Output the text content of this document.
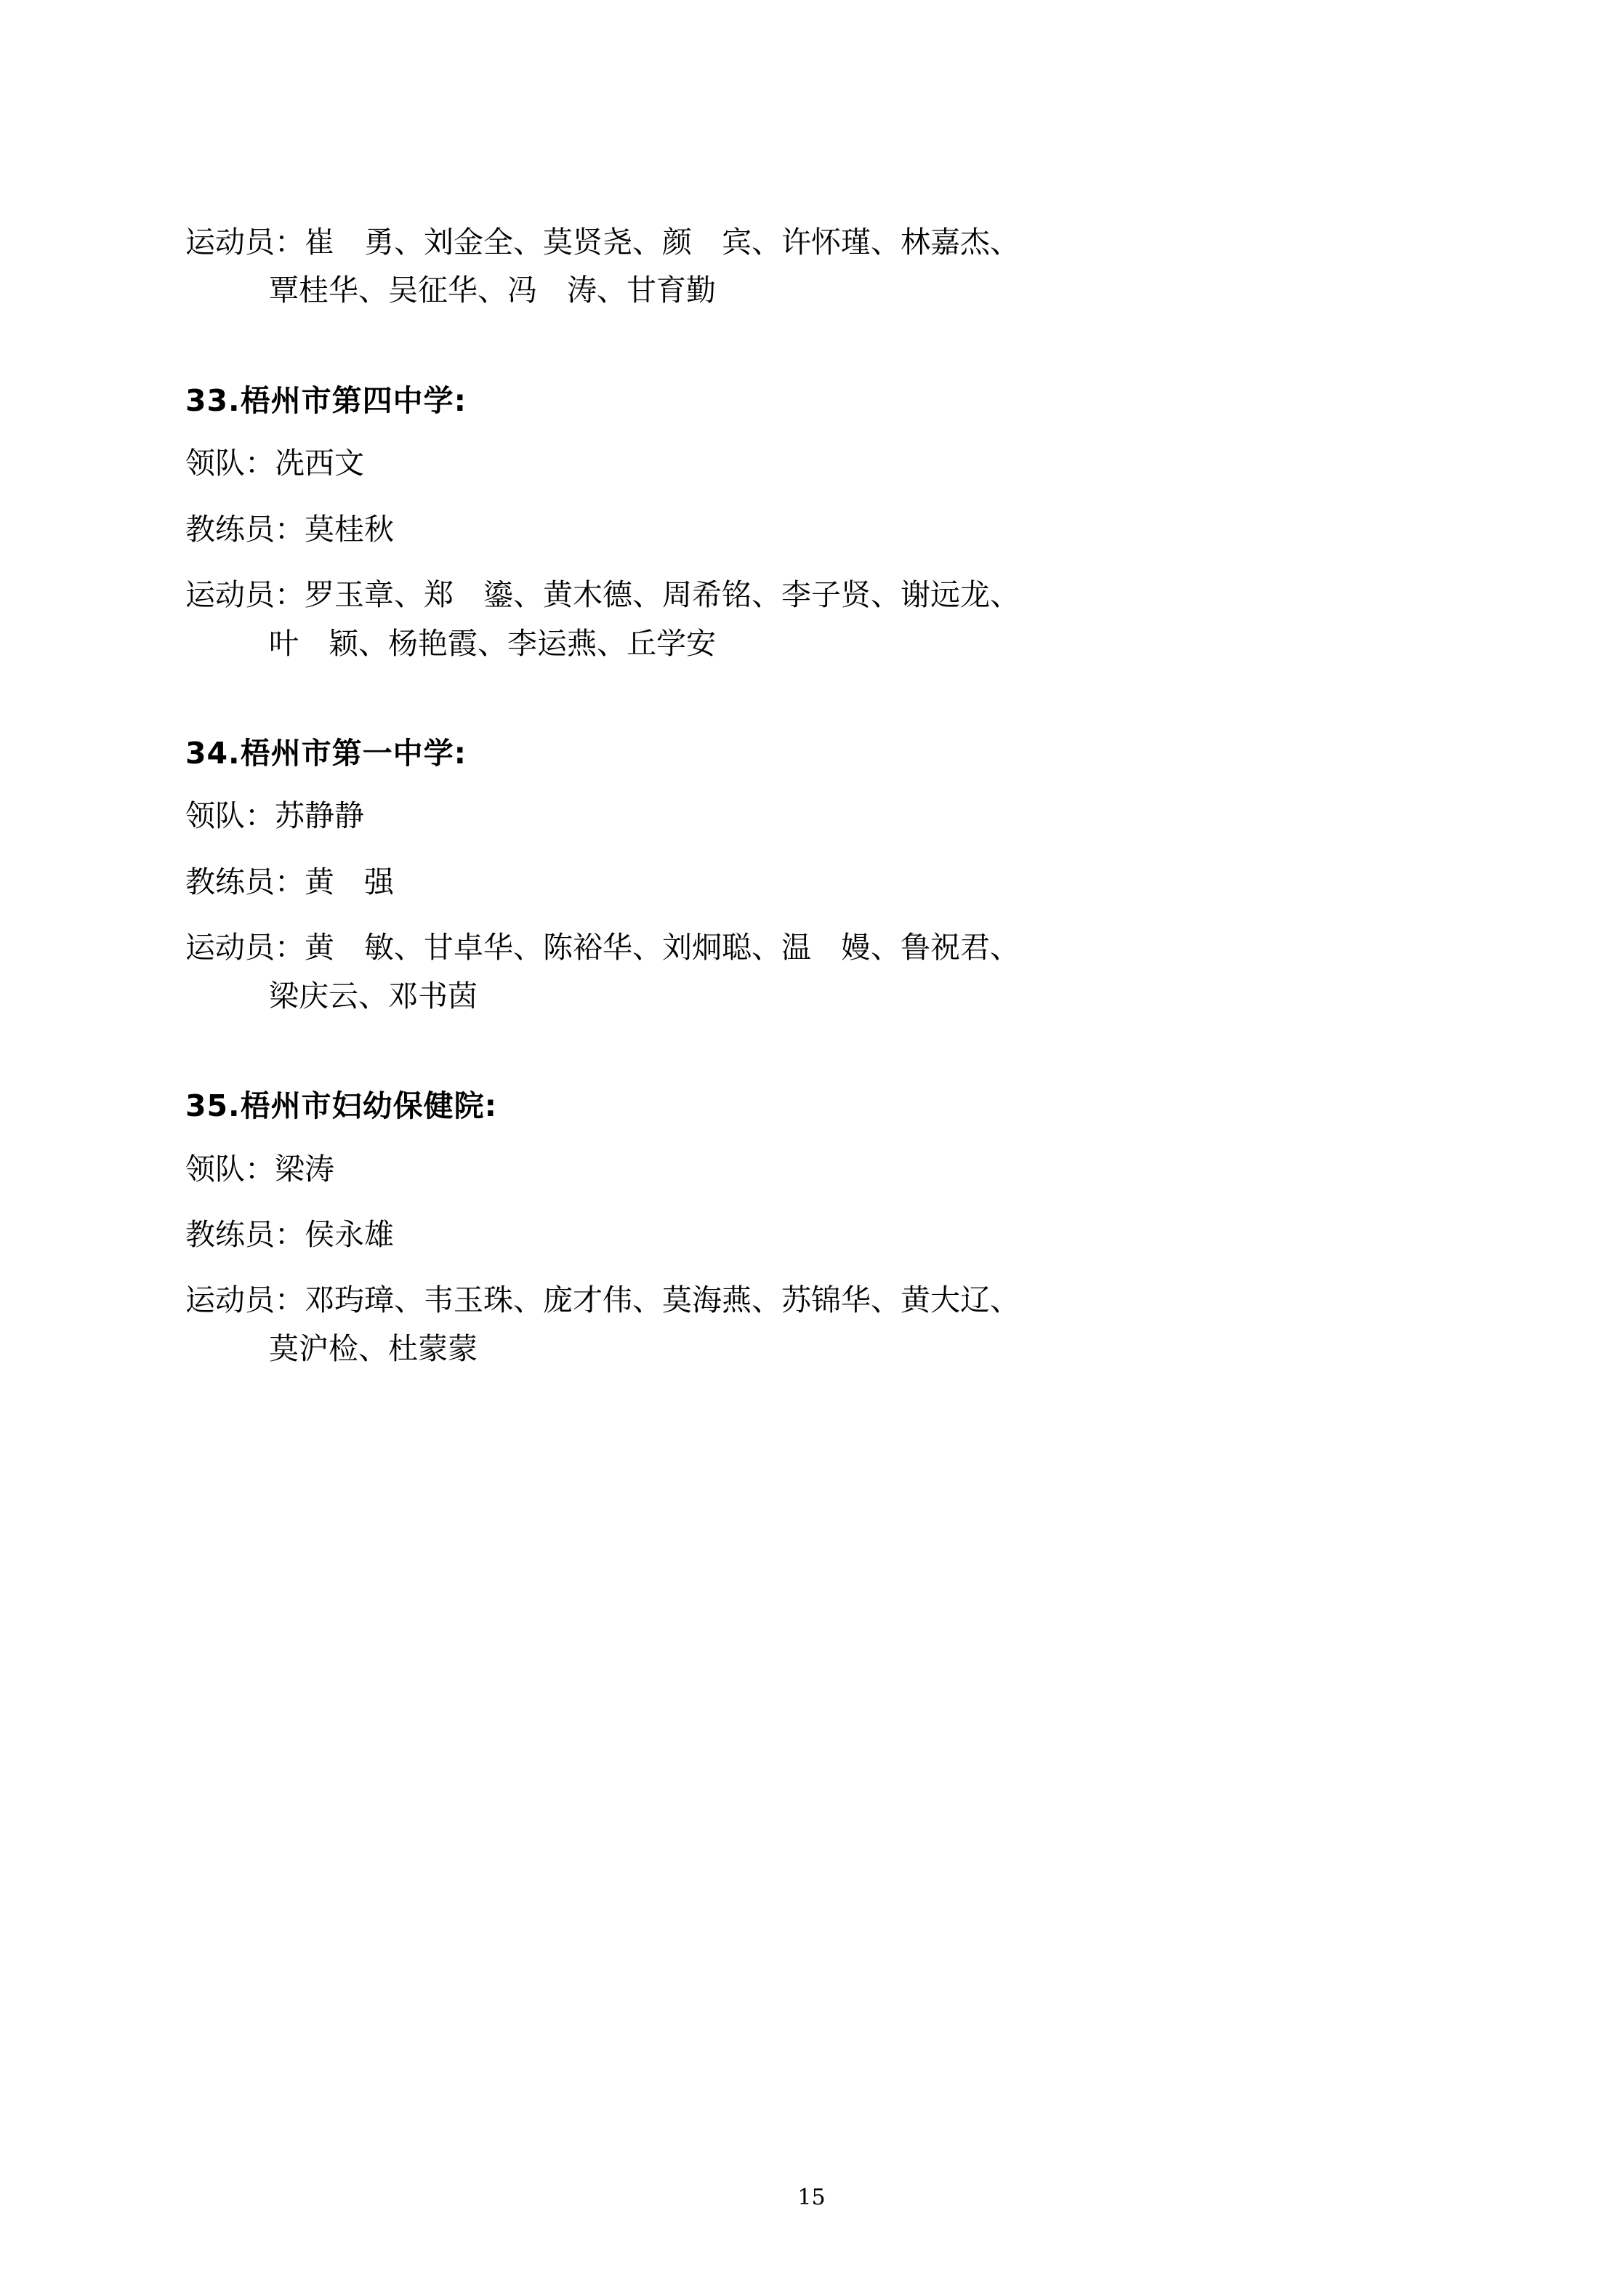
运动员：崔　勇、刘金全、莫贤尧、颜　宾、许怀瑾、林嘉杰、
覃桂华、吴征华、冯　涛、甘育勤
33.梧州市第四中学:
领队： 冼西文
教练员： 莫桂秋
运动员：罗玉章、郑　鎏、黄木德、周希铭、李子贤、谢远龙、
叶　颖、杨艳霞、李运燕、丘学安
34.梧州市第一中学:
领队： 苏静静
教练员： 黄　强
运动员：黄　敏、甘卓华、陈裕华、刘炯聪、温　嫚、鲁祝君、
梁庆云、邓书茵
35.梧州市妇幼保健院:
领队： 梁涛
教练员： 侯永雄
运动员：邓玙璋、韦玉珠、庞才伟、莫海燕、苏锦华、黄大辽、
莫沪检、杜蒙蒙
15
